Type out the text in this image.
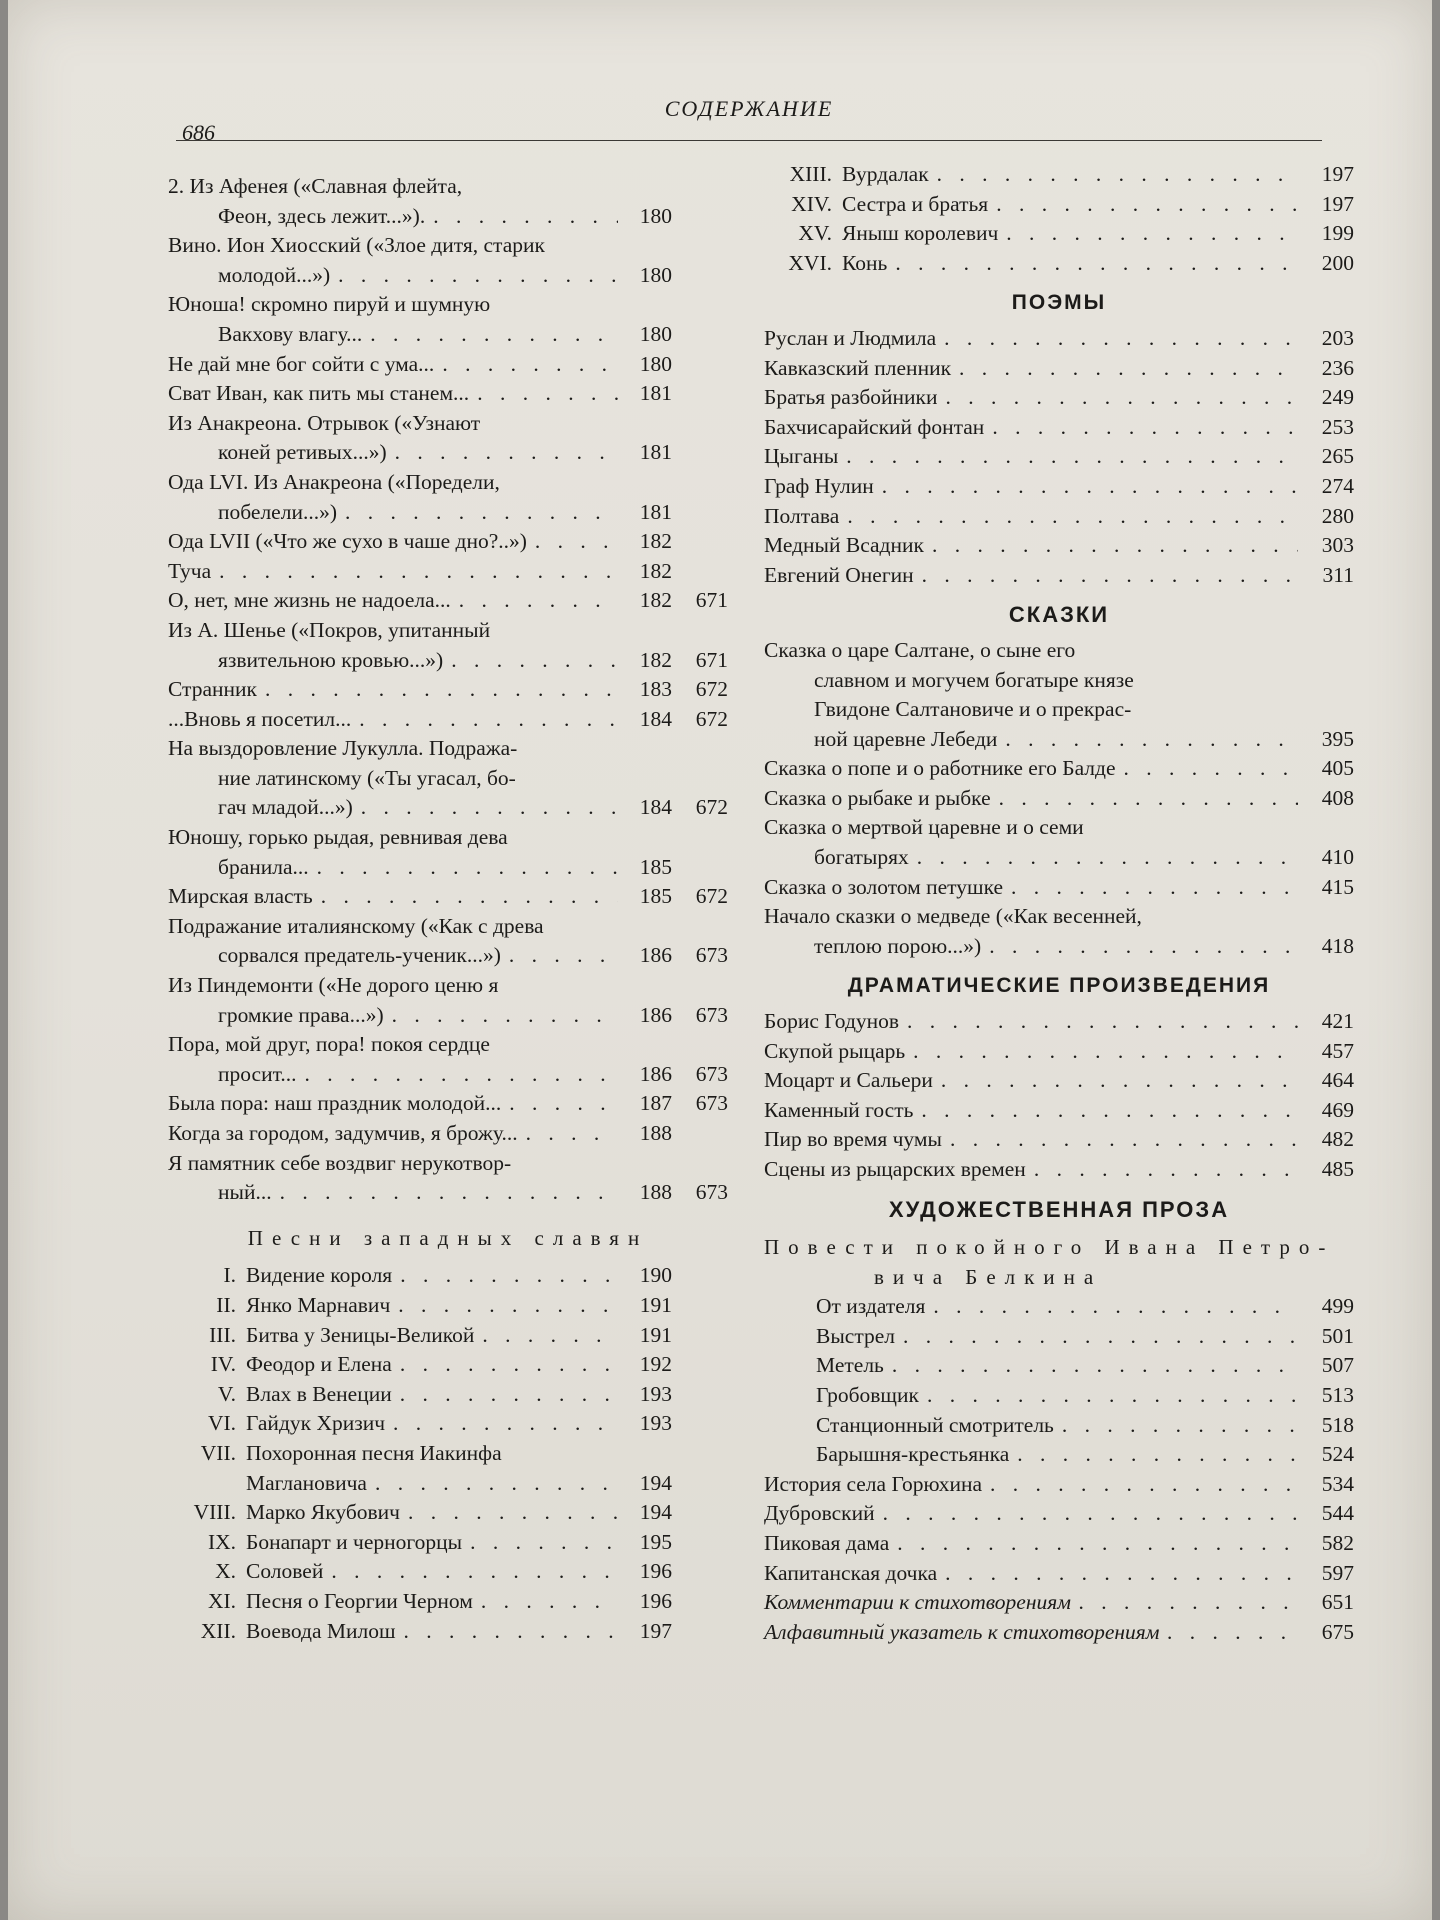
686
СОДЕРЖАНИЕ
2. Из Афенея («Славная флейта,
Феон, здесь лежит...»). . . .	180
Вино. Ион Хиосский («Злое дитя, старик
молодой...») . . .	180
Юноша! скромно пируй и шумную
Вакхову влагу... . . .	180
Не дай мне бог сойти с ума... . . .	180
Сват Иван, как пить мы станем... . . .	181
Из Анакреона. Отрывок («Узнают
коней ретивых...») . . .	181
Ода LVI. Из Анакреона («Поредели,
побелели...») . . .	181
Ода LVII («Что же сухо в чаше дно?..») . . .	182
Туча . . .	182
О, нет, мне жизнь не надоела... . . .	182	671
Из А. Шенье («Покров, упитанный
язвительною кровью...») . . .	182	671
Странник . . .	183	672
...Вновь я посетил... . . .	184	672
На выздоровление Лукулла. Подража-
ние латинскому («Ты угасал, бо-
гач младой...») . . .	184	672
Юношу, горько рыдая, ревнивая дева
бранила... . . .	185
Мирская власть . . .	185	672
Подражание италиянскому («Как с древа
сорвался предатель-ученик...») . . .	186	673
Из Пиндемонти («Не дорого ценю я
громкие права...») . . .	186	673
Пора, мой друг, пора! покоя сердце
просит... . . .	186	673
Была пора: наш праздник молодой... . . .	187	673
Когда за городом, задумчив, я брожу... . . .	188
Я памятник себе воздвиг нерукотвор-
ный... . . .	188	673
Песни западных славян
I. Видение короля . . .	190
II. Янко Марнавич . . .	191
III. Битва у Зеницы-Великой . . .	191
IV. Феодор и Елена . . .	192
V. Влах в Венеции . . .	193
VI. Гайдук Хризич . . .	193
VII. Похоронная песня Иакинфа
Маглановича . . .	194
VIII. Марко Якубович . . .	194
IX. Бонапарт и черногорцы . . .	195
X. Соловей . . .	196
XI. Песня о Георгии Черном . . .	196
XII. Воевода Милош . . .	197
XIII. Вурдалак . . .	197
XIV. Сестра и братья . . .	197
XV. Яныш королевич . . .	199
XVI. Конь . . .	200
ПОЭМЫ
Руслан и Людмила . . .	203
Кавказский пленник . . .	236
Братья разбойники . . .	249
Бахчисарайский фонтан . . .	253
Цыганы . . .	265
Граф Нулин . . .	274
Полтава . . .	280
Медный Всадник . . .	303
Евгений Онегин . . .	311
СКАЗКИ
Сказка о царе Салтане, о сыне его
славном и могучем богатыре князе
Гвидоне Салтановиче и о прекрас-
ной царевне Лебеди . . .	395
Сказка о попе и о работнике его Балде . . .	405
Сказка о рыбаке и рыбке . . .	408
Сказка о мертвой царевне и о семи
богатырях . . .	410
Сказка о золотом петушке . . .	415
Начало сказки о медведе («Как весенней,
теплою порою...») . . .	418
ДРАМАТИЧЕСКИЕ ПРОИЗВЕДЕНИЯ
Борис Годунов . . .	421
Скупой рыцарь . . .	457
Моцарт и Сальери . . .	464
Каменный гость . . .	469
Пир во время чумы . . .	482
Сцены из рыцарских времен . . .	485
ХУДОЖЕСТВЕННАЯ ПРОЗА
Повести покойного Ивана Петро-
вича Белкина
От издателя . . .	499
Выстрел . . .	501
Метель . . .	507
Гробовщик . . .	513
Станционный смотритель . . .	518
Барышня-крестьянка . . .	524
История села Горюхина . . .	534
Дубровский . . .	544
Пиковая дама . . .	582
Капитанская дочка . . .	597
Комментарии к стихотворениям . . .	651
Алфавитный указатель к стихотворениям . . .	675
